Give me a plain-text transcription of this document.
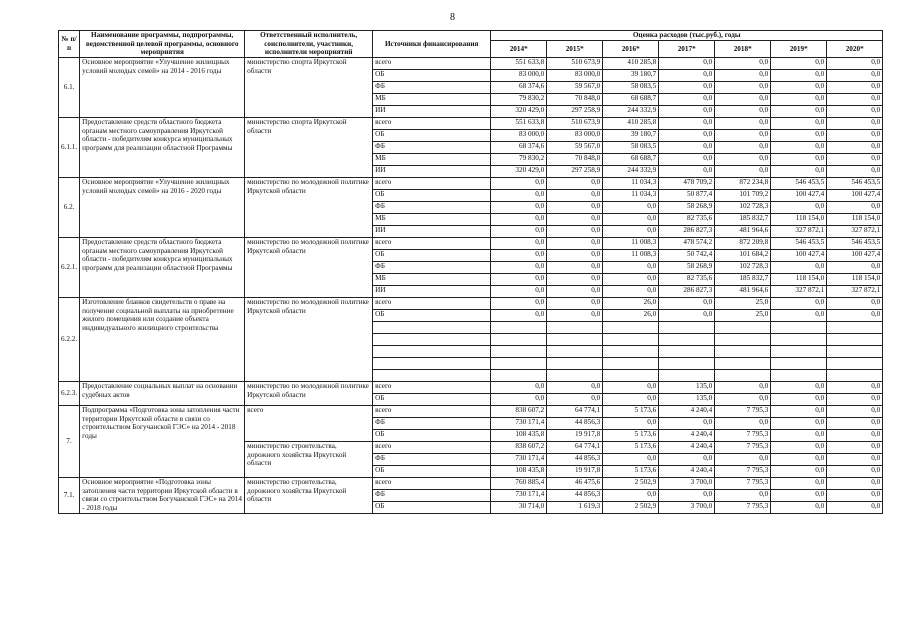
8
№ п/п	Наименование программы, подпрограммы, ведомственной целевой программы, основного мероприятия	Ответственный исполнитель, соисполнители, участники, исполнители мероприятий	Источники финансирования	Оценка расходов (тыс.руб.), годы						
				2014*	2015*	2016*	2017*	2018*	2019*	2020*
6.1.	Основное мероприятие «Улучшение жилищных условий молодых семей» на 2014 - 2016 годы	министерство спорта Иркутской области	всего	551 633,8	510 673,9	410 285,8	0,0	0,0	0,0	0,0
			ОБ	83 000,0	83 000,0	39 180,7	0,0	0,0	0,0	0,0
			ФБ	68 374,6	59 567,0	58 083,5	0,0	0,0	0,0	0,0
			МБ	79 830,2	70 848,0	68 688,7	0,0	0,0	0,0	0,0
			ИИ	320 429,0	297 258,9	244 332,9	0,0	0,0	0,0	0,0
6.1.1.	Предоставление средств областного бюджета органам местного самоуправления Иркутской области - победителям конкурса муниципальных программ для реализации областной Программы	министерство спорта Иркутской области	всего	551 633,8	510 673,9	410 285,8	0,0	0,0	0,0	0,0
			ОБ	83 000,0	83 000,0	39 180,7	0,0	0,0	0,0	0,0
			ФБ	68 374,6	59 567,0	58 083,5	0,0	0,0	0,0	0,0
			МБ	79 830,2	70 848,0	68 688,7	0,0	0,0	0,0	0,0
			ИИ	320 429,0	297 258,9	244 332,9	0,0	0,0	0,0	0,0
6.2.	Основное мероприятие «Улучшение жилищных условий молодых семей» на 2016 - 2020 годы	министерство по молодежной политике Иркутской области	всего	0,0	0,0	11 034,3	478 709,2	872 234,8	546 453,5	546 453,5
			ОБ	0,0	0,0	11 034,3	50 877,4	101 709,2	100 427,4	100 427,4
			ФБ	0,0	0,0	0,0	58 268,9	102 728,3	0,0	0,0
			МБ	0,0	0,0	0,0	82 735,6	185 832,7	118 154,0	118 154,0
			ИИ	0,0	0,0	0,0	286 827,3	481 964,6	327 872,1	327 872,1
6.2.1.	Предоставление средств областного бюджета органам местного самоуправления Иркутской области - победителям конкурса муниципальных программ для реализации областной Программы	министерство по молодежной политике Иркутской области	всего	0,0	0,0	11 008,3	478 574,2	872 209,8	546 453,5	546 453,5
			ОБ	0,0	0,0	11 008,3	50 742,4	101 684,2	100 427,4	100 427,4
			ФБ	0,0	0,0	0,0	58 268,9	102 728,3	0,0	0,0
			МБ	0,0	0,0	0,0	82 735,6	185 832,7	118 154,0	118 154,0
			ИИ	0,0	0,0	0,0	286 827,3	481 964,6	327 872,1	327 872,1
6.2.2.	Изготовление бланков свидетельств о праве на получение социальной выплаты на приобретение жилого помещения или создание объекта индивидуального жилищного строительства	министерство по молодежной политике Иркутской области	всего	0,0	0,0	26,0	0,0	25,0	0,0	0,0
			ОБ	0,0	0,0	26,0	0,0	25,0	0,0	0,0

6.2.3.	Предоставление социальных выплат на основании судебных актов	министерство по молодежной политике Иркутской области	всего	0,0	0,0	0,0	135,0	0,0	0,0	0,0
			ОБ	0,0	0,0	0,0	135,0	0,0	0,0	0,0
7.	Подпрограмма «Подготовка зоны затопления части территории Иркутской области в связи со строительством Богучанской ГЭС» на 2014 - 2018 годы	всего	всего	838 607,2	64 774,1	5 173,6	4 240,4	7 795,3	0,0	0,0
			ФБ	730 171,4	44 856,3	0,0	0,0	0,0	0,0	0,0
			ОБ	108 435,8	19 917,8	5 173,6	4 240,4	7 795,3	0,0	0,0
		министерство строительства, дорожного хозяйства Иркутской области	всего	838 607,2	64 774,1	5 173,6	4 240,4	7 795,3	0,0	0,0
			ФБ	730 171,4	44 856,3	0,0	0,0	0,0	0,0	0,0
			ОБ	108 435,8	19 917,8	5 173,6	4 240,4	7 795,3	0,0	0,0
7.1.	Основное мероприятие «Подготовка зоны затопления части территории Иркутской области в связи со строительством Богучанской ГЭС» на 2014 - 2018 годы	министерство строительства, дорожного хозяйства Иркутской области	всего	760 885,4	46 475,6	2 502,9	3 700,0	7 795,3	0,0	0,0
			ФБ	730 171,4	44 856,3	0,0	0,0	0,0	0,0	0,0
			ОБ	30 714,0	1 619,3	2 502,9	3 700,0	7 795,3	0,0	0,0
